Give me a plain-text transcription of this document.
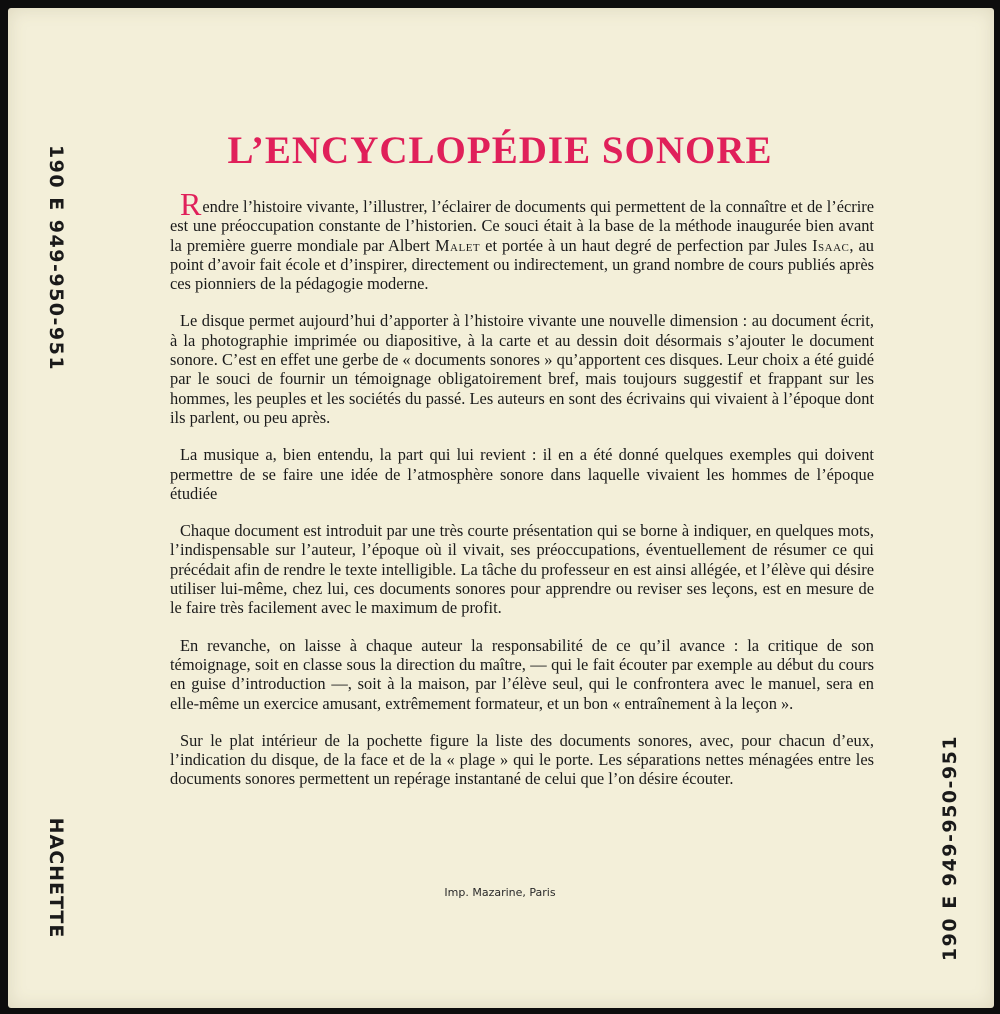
190 E 949-950-951
HACHETTE	190 E 949-950-951
L’ENCYCLOPÉDIE SONORE

Rendre l’histoire vivante, l’illustrer, l’éclairer de documents qui permettent de la connaître et de l’écrire est une préoccupation constante de l’historien. Ce souci était à la base de la méthode inaugurée bien avant la première guerre mondiale par Albert Malet et portée à un haut degré de perfection par Jules Isaac, au point d’avoir fait école et d’inspirer, directement ou indirectement, un grand nombre de cours publiés après ces pionniers de la pédagogie moderne.

Le disque permet aujourd’hui d’apporter à l’histoire vivante une nouvelle dimension : au document écrit, à la photographie imprimée ou diapositive, à la carte et au dessin doit désormais s’ajouter le document sonore. C’est en effet une gerbe de « documents sonores » qu’apportent ces disques. Leur choix a été guidé par le souci de fournir un témoignage obligatoirement bref, mais toujours suggestif et frappant sur les hommes, les peuples et les sociétés du passé. Les auteurs en sont des écrivains qui vivaient à l’époque dont ils parlent, ou peu après.

La musique a, bien entendu, la part qui lui revient : il en a été donné quelques exemples qui doivent permettre de se faire une idée de l’atmosphère sonore dans laquelle vivaient les hommes de l’époque étudiée

Chaque document est introduit par une très courte présentation qui se borne à indiquer, en quelques mots, l’indispensable sur l’auteur, l’époque où il vivait, ses préoccupations, éventuellement de résumer ce qui précédait afin de rendre le texte intelligible. La tâche du professeur en est ainsi allégée, et l’élève qui désire utiliser lui-même, chez lui, ces documents sonores pour apprendre ou reviser ses leçons, est en mesure de le faire très facilement avec le maximum de profit.

En revanche, on laisse à chaque auteur la responsabilité de ce qu’il avance : la critique de son témoignage, soit en classe sous la direction du maître, — qui le fait écouter par exemple au début du cours en guise d’introduction —, soit à la maison, par l’élève seul, qui le confrontera avec le manuel, sera en elle-même un exercice amusant, extrêmement formateur, et un bon « entraînement à la leçon ».

Sur le plat intérieur de la pochette figure la liste des documents sonores, avec, pour chacun d’eux, l’indication du disque, de la face et de la « plage » qui le porte. Les séparations nettes ménagées entre les documents sonores permettent un repérage instantané de celui que l’on désire écouter.

Imp. Mazarine, Paris
